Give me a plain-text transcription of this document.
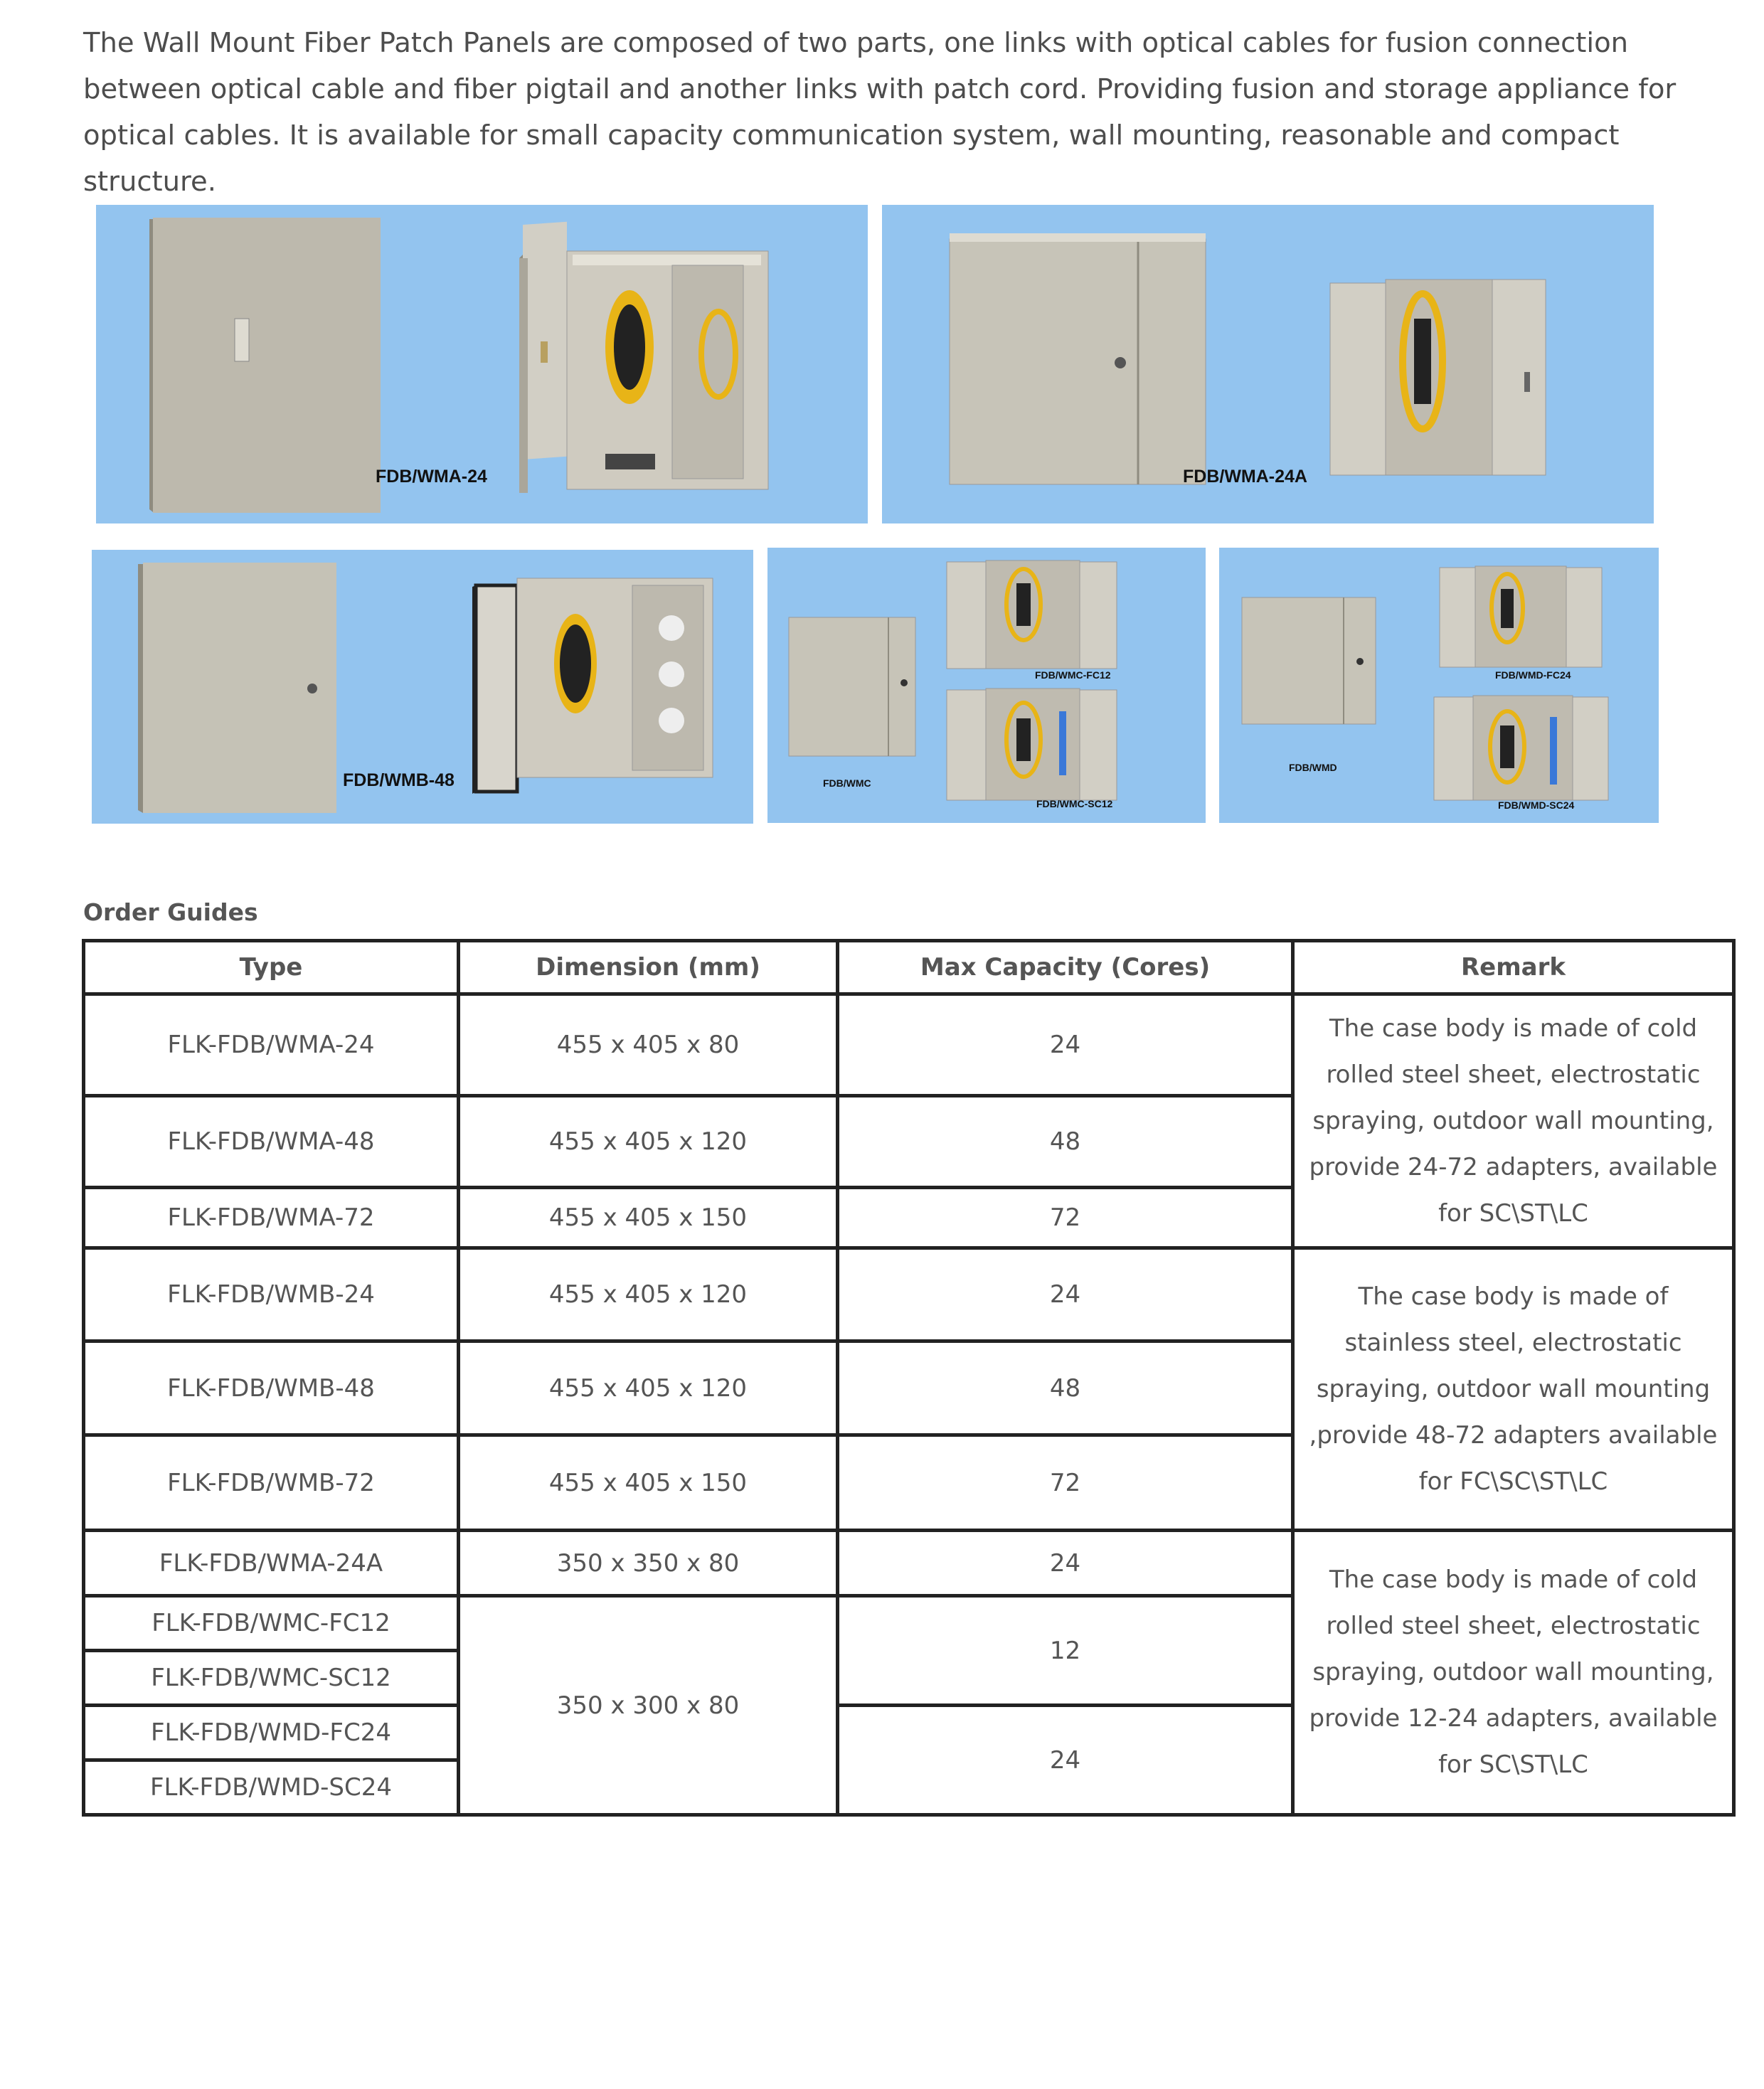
The Wall Mount Fiber Patch Panels are composed of two parts, one links with optical cables for fusion connection between optical cable and fiber pigtail and another links with patch cord. Providing fusion and storage appliance for optical cables. It is available for small capacity communication system, wall mounting, reasonable and compact structure.

FDB/WMA-24	FDB/WMA-24A
FDB/WMB-48	FDB/WMC
FDB/WMC-FC12
FDB/WMC-SC12
FDB/WMD
FDB/WMD-FC24
FDB/WMD-SC24

Order Guides

Type	Dimension (mm)	Max Capacity (Cores)	Remark
FLK-FDB/WMA-24	455 x 405 x 80	24	The case body is made of cold rolled steel sheet, electrostatic spraying, outdoor wall mounting, provide 24-72 adapters, available for SC\ST\LC
FLK-FDB/WMA-48	455 x 405 x 120	48	
FLK-FDB/WMA-72	455 x 405 x 150	72	
FLK-FDB/WMB-24	455 x 405 x 120	24	The case body is made of stainless steel, electrostatic spraying, outdoor wall mounting ,provide 48-72 adapters available for FC\SC\ST\LC
FLK-FDB/WMB-48	455 x 405 x 120	48	
FLK-FDB/WMB-72	455 x 405 x 150	72	
FLK-FDB/WMA-24A	350 x 350 x 80	24	The case body is made of cold rolled steel sheet, electrostatic spraying, outdoor wall mounting, provide 12-24 adapters, available for SC\ST\LC
FLK-FDB/WMC-FC12	350 x 300 x 80	12	
FLK-FDB/WMC-SC12			
FLK-FDB/WMD-FC24		24	
FLK-FDB/WMD-SC24			
